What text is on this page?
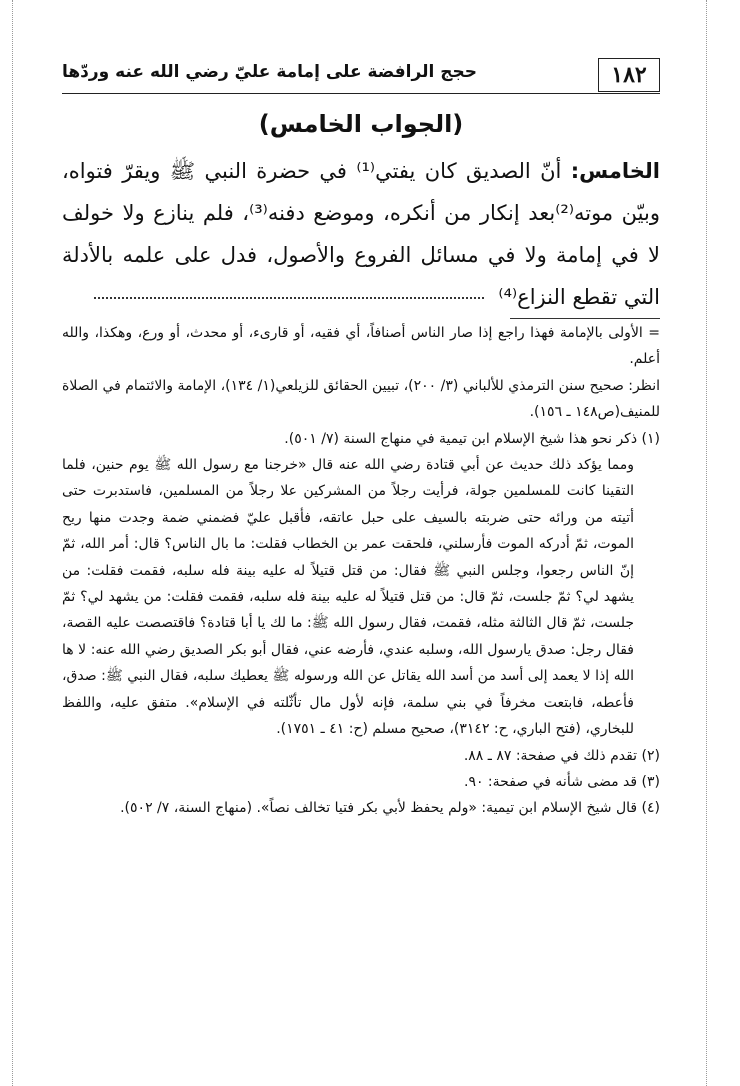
١٨٢
حجج الرافضة على إمامة عليّ رضي الله عنه وردّها
(الجواب الخامس)
الخامس: أنّ الصديق كان يفتي⁽¹⁾ في حضرة النبي ﷺ ويقرّ فتواه، وبيّن موته⁽²⁾بعد إنكار من أنكره، وموضع دفنه⁽³⁾، فلم ينازع ولا خولف لا في إمامة ولا في مسائل الفروع والأصول، فدل على علمه بالأدلة التي تقطع النزاع⁽⁴⁾

= الأولى بالإمامة فهذا راجع إذا صار الناس أصنافاً، أي فقيه، أو قارىء، أو محدث، أو ورع، وهكذا، والله أعلم.

انظر: صحيح سنن الترمذي للألباني (٣/ ٢٠٠)، تبيين الحقائق للزيلعي(١/ ١٣٤)، الإمامة والائتمام في الصلاة للمنيف(ص١٤٨ ـ ١٥٦).

(١) ذكر نحو هذا شيخ الإسلام ابن تيمية في منهاج السنة (٧/ ٥٠١).

ومما يؤكد ذلك حديث عن أبي قتادة رضي الله عنه قال «خرجنا مع رسول الله ﷺ يوم حنين، فلما التقينا كانت للمسلمين جولة، فرأيت رجلاً من المشركين علا رجلاً من المسلمين، فاستدبرت حتى أتيته من ورائه حتى ضربته بالسيف على حبل عاتقه، فأقبل عليّ فضمني ضمة وجدت منها ريح الموت، ثمّ أدركه الموت فأرسلني، فلحقت عمر بن الخطاب فقلت: ما بال الناس؟ قال: أمر الله، ثمّ إنّ الناس رجعوا، وجلس النبي ﷺ فقال: من قتل قتيلاً له عليه بينة فله سلبه، فقمت فقلت: من يشهد لي؟ ثمّ جلست، ثمّ قال: من قتل قتيلاً له عليه بينة فله سلبه، فقمت فقلت: من يشهد لي؟ ثمّ جلست، ثمّ قال الثالثة مثله، فقمت، فقال رسول الله ﷺ: ما لك يا أبا قتادة؟ فاقتصصت عليه القصة، فقال رجل: صدق يارسول الله، وسلبه عندي، فأرضه عني، فقال أبو بكر الصديق رضي الله عنه: لا ها الله إذا لا يعمد إلى أسد من أسد الله يقاتل عن الله ورسوله ﷺ يعطيك سلبه، فقال النبي ﷺ: صدق، فأعطه، فابتعت مخرفاً في بني سلمة، فإنه لأول مال تأثّلته في الإسلام». متفق عليه، واللفظ للبخاري، (فتح الباري، ح: ٣١٤٢)، صحيح مسلم (ح: ٤١ ـ ١٧٥١).

(٢) تقدم ذلك في صفحة: ٨٧ ـ ٨٨.

(٣) قد مضى شأنه في صفحة: ٩٠.

(٤) قال شيخ الإسلام ابن تيمية: «ولم يحفظ لأبي بكر فتيا تخالف نصاً». (منهاج السنة، ٧/ ٥٠٢).
